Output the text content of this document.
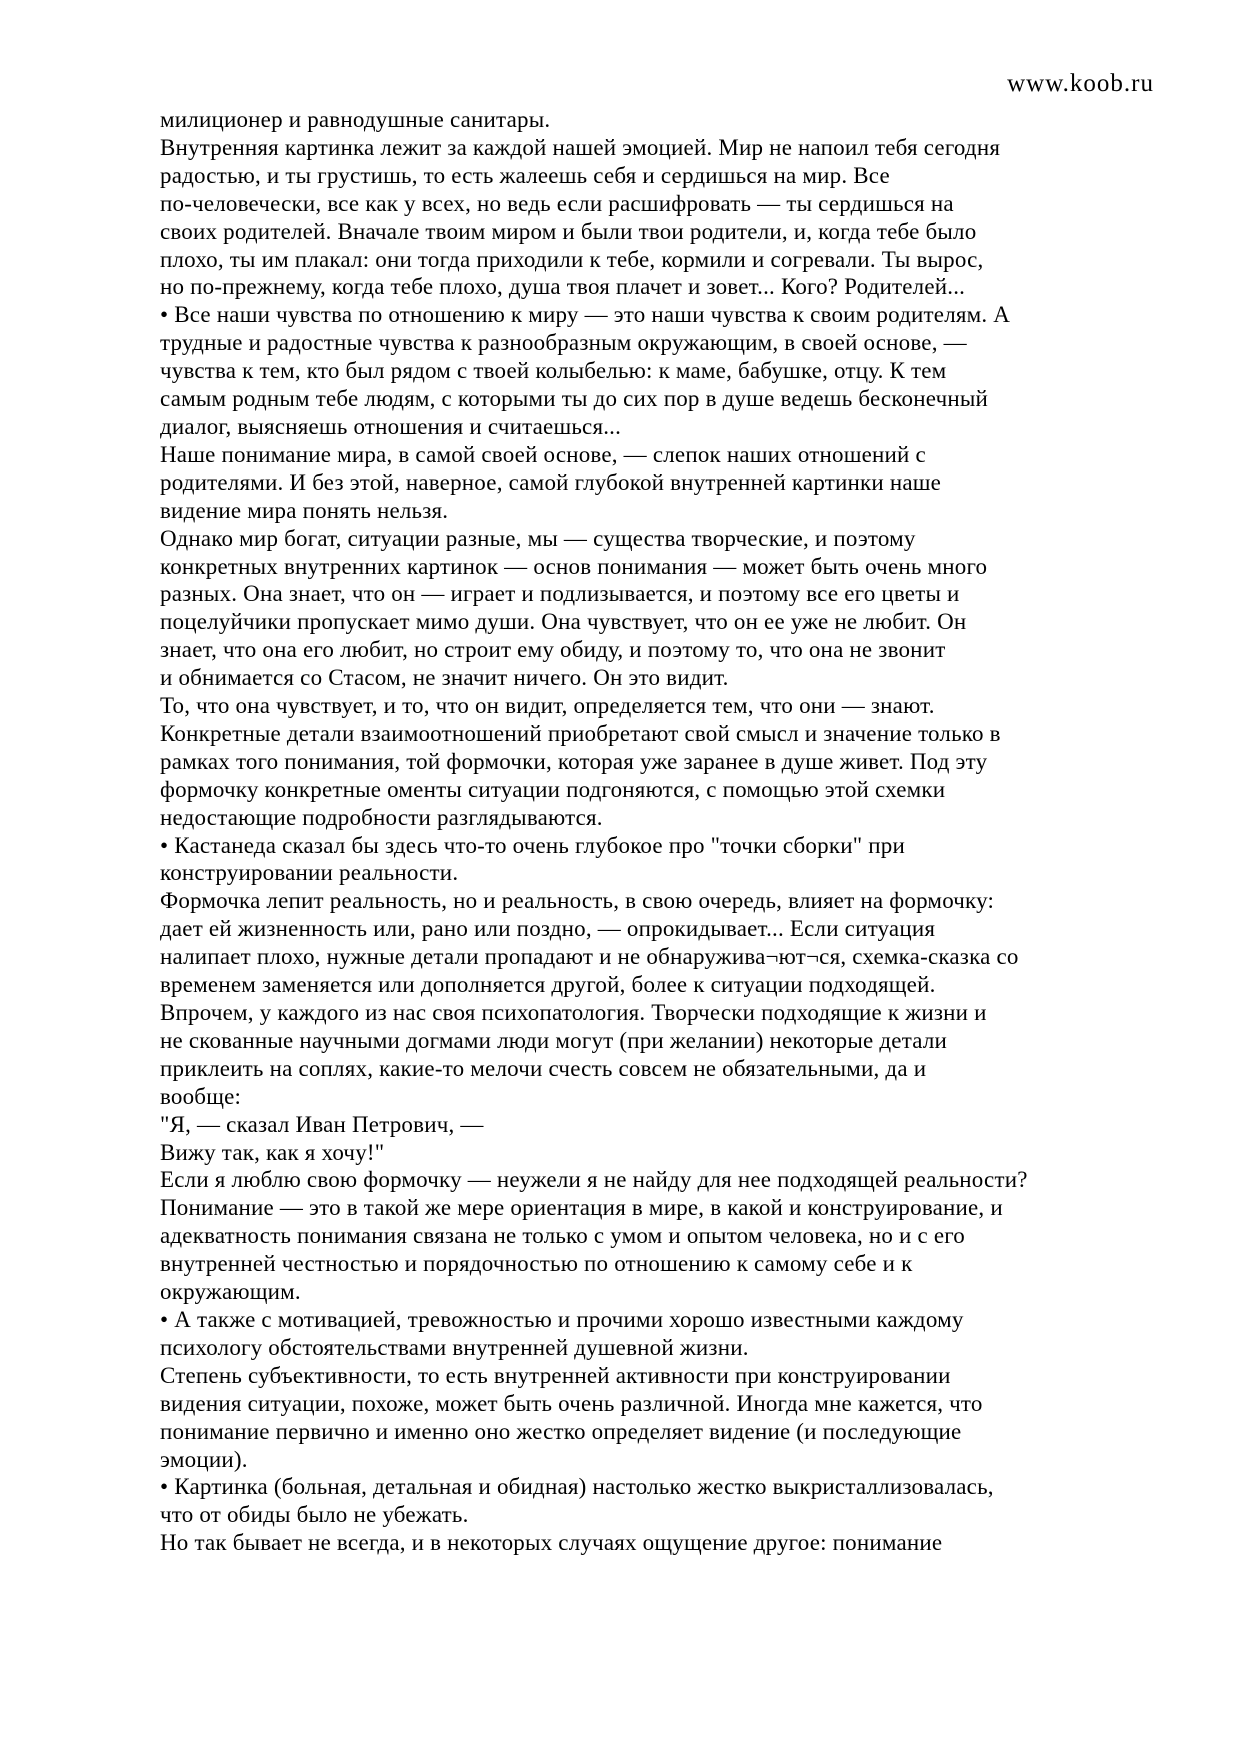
www.koob.ru
милиционер и равнодушные санитары.
Внутренняя картинка лежит за каждой нашей эмоцией. Мир не напоил тебя сегодня
радостью, и ты грустишь, то есть жалеешь себя и сердишься на мир. Все
по-человечески, все как у всех, но ведь если расшифровать — ты сердишься на
своих родителей. Вначале твоим миром и были твои родители, и, когда тебе было
плохо, ты им плакал: они тогда приходили к тебе, кормили и согревали. Ты вырос,
но по-прежнему, когда тебе плохо, душа твоя плачет и зовет... Кого? Родителей...
• Все наши чувства по отношению к миру — это наши чувства к своим родителям. А
трудные и радостные чувства к разнообразным окружающим, в своей основе, —
чувства к тем, кто был рядом с твоей колыбелью: к маме, бабушке, отцу. К тем
самым родным тебе людям, с которыми ты до сих пор в душе ведешь бесконечный
диалог, выясняешь отношения и считаешься...
Наше понимание мира, в самой своей основе, — слепок наших отношений с
родителями. И без этой, наверное, самой глубокой внутренней картинки наше
видение мира понять нельзя.
Однако мир богат, ситуации разные, мы — существа творческие, и поэтому
конкретных внутренних картинок — основ понимания — может быть очень много
разных. Она знает, что он — играет и подлизывается, и поэтому все его цветы и
поцелуйчики пропускает мимо души. Она чувствует, что он ее уже не любит. Он
знает, что она его любит, но строит ему обиду, и поэтому то, что она не звонит
и обнимается со Стасом, не значит ничего. Он это видит.
То, что она чувствует, и то, что он видит, определяется тем, что они — знают.
Конкретные детали взаимоотношений приобретают свой смысл и значение только в
рамках того понимания, той формочки, которая уже заранее в душе живет. Под эту
формочку конкретные оменты ситуации подгоняются, с помощью этой схемки
недостающие подробности разглядываются.
• Кастанеда сказал бы здесь что-то очень глубокое про "точки сборки" при
конструировании реальности.
Формочка лепит реальность, но и реальность, в свою очередь, влияет на формочку:
дает ей жизненность или, рано или поздно, — опрокидывает... Если ситуация
налипает плохо, нужные детали пропадают и не обнаружива¬ют¬ся, схемка-сказка со
временем заменяется или дополняется другой, более к ситуации подходящей.
Впрочем, у каждого из нас своя психопатология. Творчески подходящие к жизни и
не скованные научными догмами люди могут (при желании) некоторые детали
приклеить на соплях, какие-то мелочи счесть совсем не обязательными, да и
вообще:
"Я, — сказал Иван Петрович, —
Вижу так, как я хочу!"
Если я люблю свою формочку — неужели я не найду для нее подходящей реальности?
Понимание — это в такой же мере ориентация в мире, в какой и конструирование, и
адекватность понимания связана не только с умом и опытом человека, но и с его
внутренней честностью и порядочностью по отношению к самому себе и к
окружающим.
• А также с мотивацией, тревожностью и прочими хорошо известными каждому
психологу обстоятельствами внутренней душевной жизни.
Степень субъективности, то есть внутренней активности при конструировании
видения ситуации, похоже, может быть очень различной. Иногда мне кажется, что
понимание первично и именно оно жестко определяет видение (и последующие
эмоции).
• Картинка (больная, детальная и обидная) настолько жестко выкристаллизовалась,
что от обиды было не убежать.
Но так бывает не всегда, и в некоторых случаях ощущение другое: понимание
